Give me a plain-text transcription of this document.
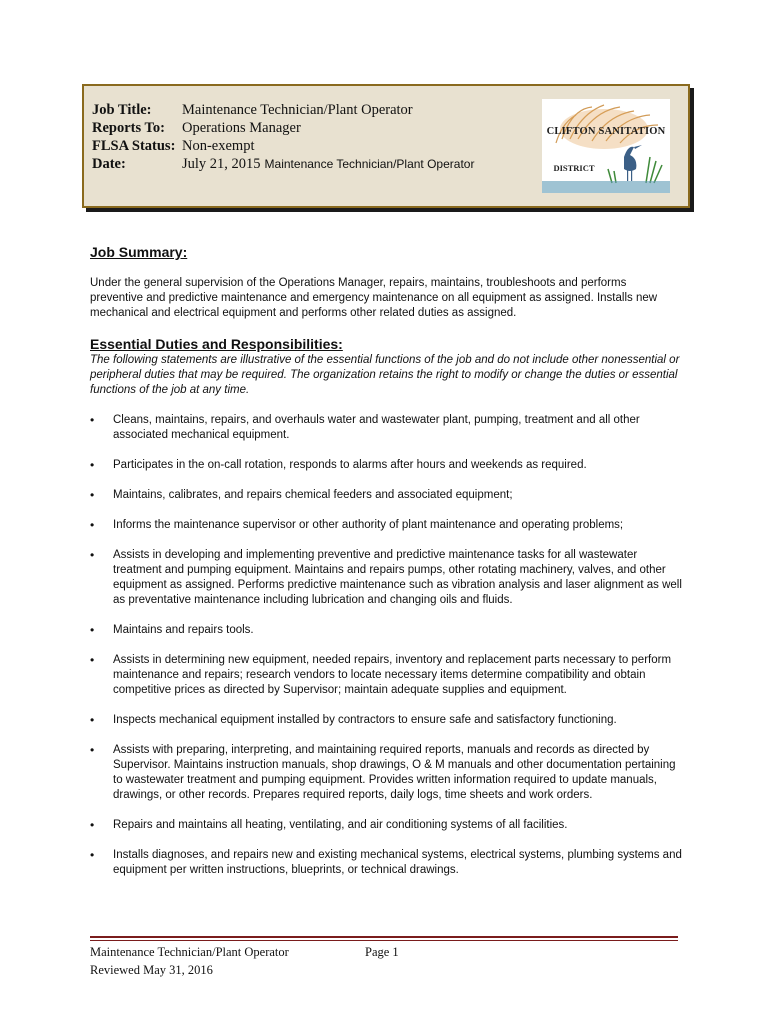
Job Title:	Maintenance Technician/Plant Operator
Reports To:	Operations Manager
FLSA Status: Non-exempt
Date:	July 21, 2015 Maintenance Technician/Plant Operator
CLIFTON SANITATION
DISTRICT
Job Summary:
Under the general supervision of the Operations Manager, repairs, maintains, troubleshoots and performs preventive and predictive maintenance and emergency maintenance on all equipment as assigned. Installs new mechanical and electrical equipment and performs other related duties as assigned.
Essential Duties and Responsibilities:
The following statements are illustrative of the essential functions of the job and do not include other nonessential or peripheral duties that may be required. The organization retains the right to modify or change the duties or essential functions of the job at any time.
• Cleans, maintains, repairs, and overhauls water and wastewater plant, pumping, treatment and all other associated mechanical equipment.
• Participates in the on-call rotation, responds to alarms after hours and weekends as required.
• Maintains, calibrates, and repairs chemical feeders and associated equipment;
• Informs the maintenance supervisor or other authority of plant maintenance and operating problems;
• Assists in developing and implementing preventive and predictive maintenance tasks for all wastewater treatment and pumping equipment. Maintains and repairs pumps, other rotating machinery, valves, and other equipment as assigned. Performs predictive maintenance such as vibration analysis and laser alignment as well as preventative maintenance including lubrication and changing oils and fluids.
• Maintains and repairs tools.
• Assists in determining new equipment, needed repairs, inventory and replacement parts necessary to perform maintenance and repairs; research vendors to locate necessary items determine compatibility and obtain competitive prices as directed by Supervisor; maintain adequate supplies and equipment.
• Inspects mechanical equipment installed by contractors to ensure safe and satisfactory functioning.
• Assists with preparing, interpreting, and maintaining required reports, manuals and records as directed by Supervisor. Maintains instruction manuals, shop drawings, O & M manuals and other documentation pertaining to wastewater treatment and pumping equipment. Provides written information required to update manuals, drawings, or other records. Prepares required reports, daily logs, time sheets and work orders.
• Repairs and maintains all heating, ventilating, and air conditioning systems of all facilities.
• Installs diagnoses, and repairs new and existing mechanical systems, electrical systems, plumbing systems and equipment per written instructions, blueprints, or technical drawings.
Maintenance Technician/Plant Operator	Page 1
Reviewed May 31, 2016
